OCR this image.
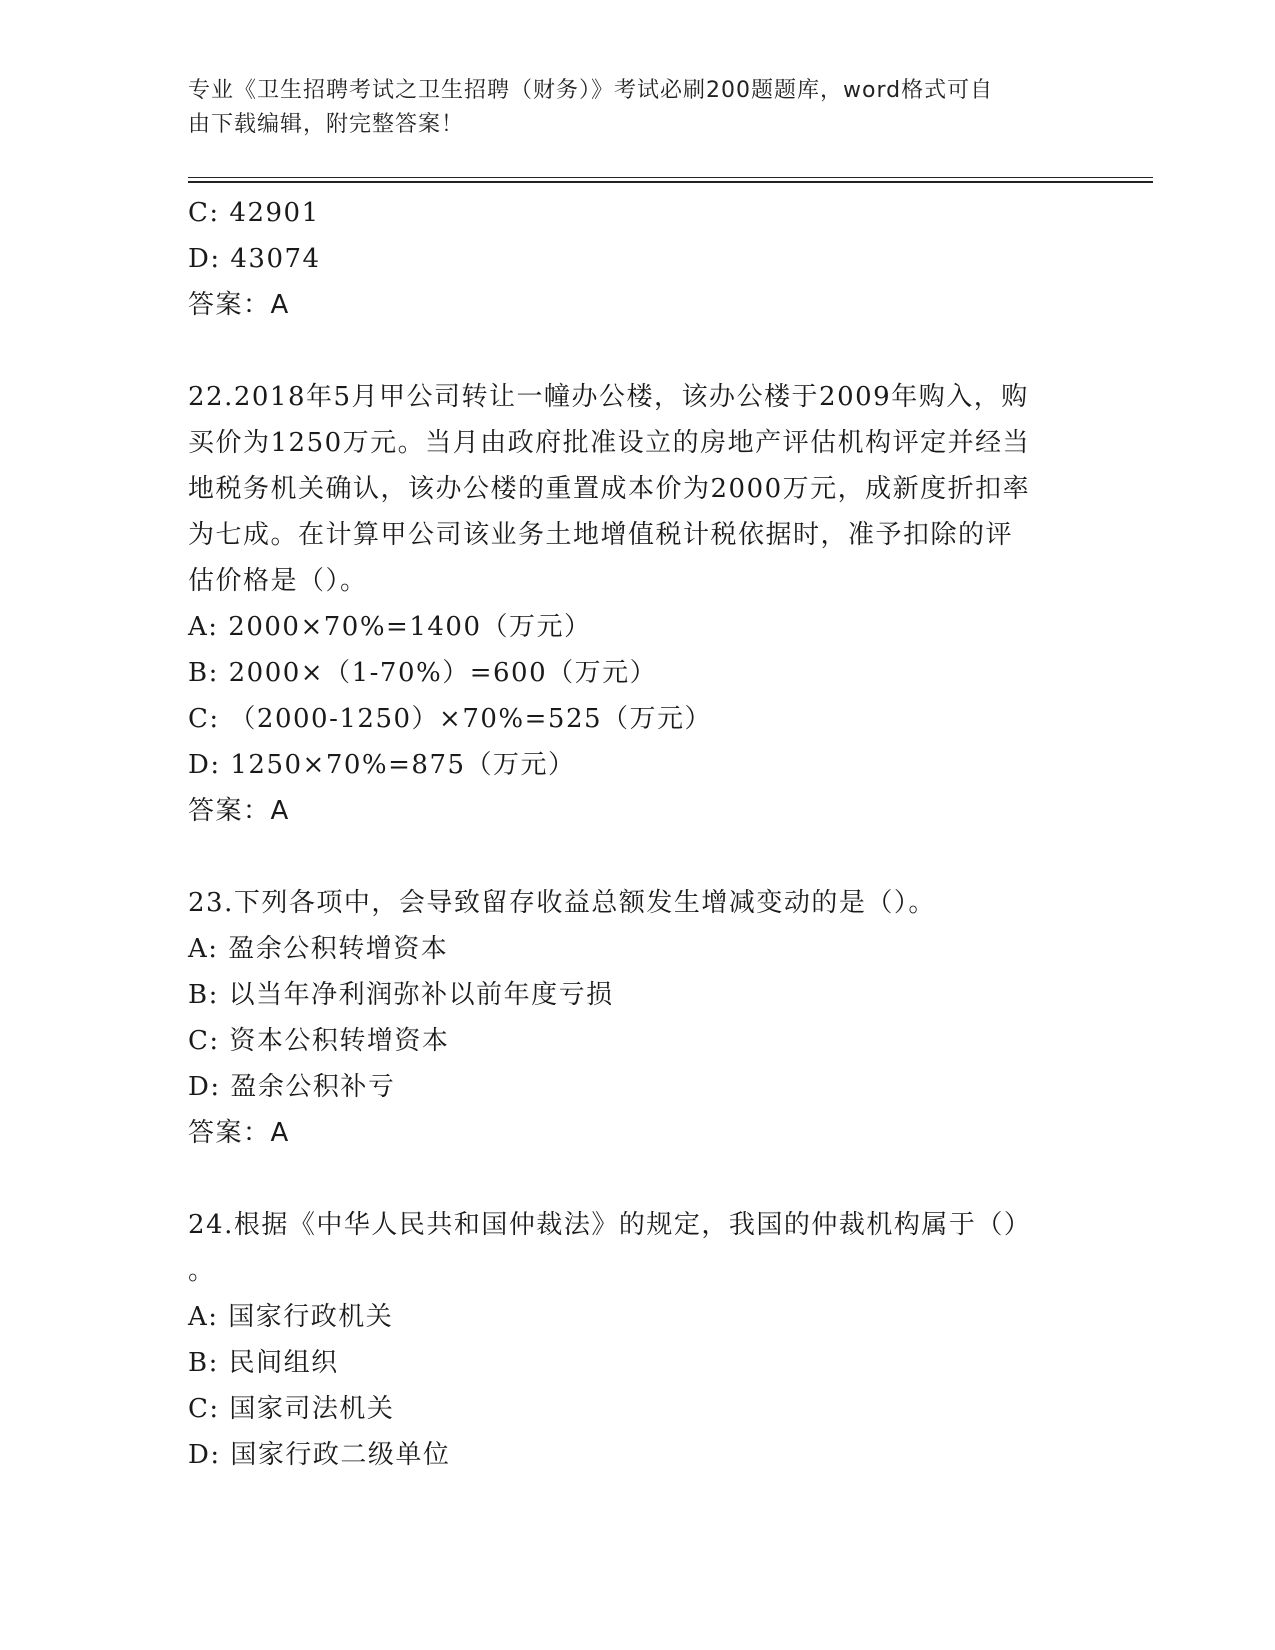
专业《卫生招聘考试之卫生招聘（财务）》考试必刷200题题库，word格式可自
由下载编辑，附完整答案！
C: 42901
D: 43074
答案：A
22.2018年5月甲公司转让一幢办公楼，该办公楼于2009年购入，购
买价为1250万元。当月由政府批准设立的房地产评估机构评定并经当
地税务机关确认，该办公楼的重置成本价为2000万元，成新度折扣率
为七成。在计算甲公司该业务土地增值税计税依据时，准予扣除的评
估价格是（）。
A: 2000×70%=1400（万元）
B: 2000×（1-70%）=600（万元）
C: （2000-1250）×70%=525（万元）
D: 1250×70%=875（万元）
答案：A
23.下列各项中，会导致留存收益总额发生增减变动的是（）。
A: 盈余公积转增资本
B: 以当年净利润弥补以前年度亏损
C: 资本公积转增资本
D: 盈余公积补亏
答案：A
24.根据《中华人民共和国仲裁法》的规定，我国的仲裁机构属于（）
。
A: 国家行政机关
B: 民间组织
C: 国家司法机关
D: 国家行政二级单位
